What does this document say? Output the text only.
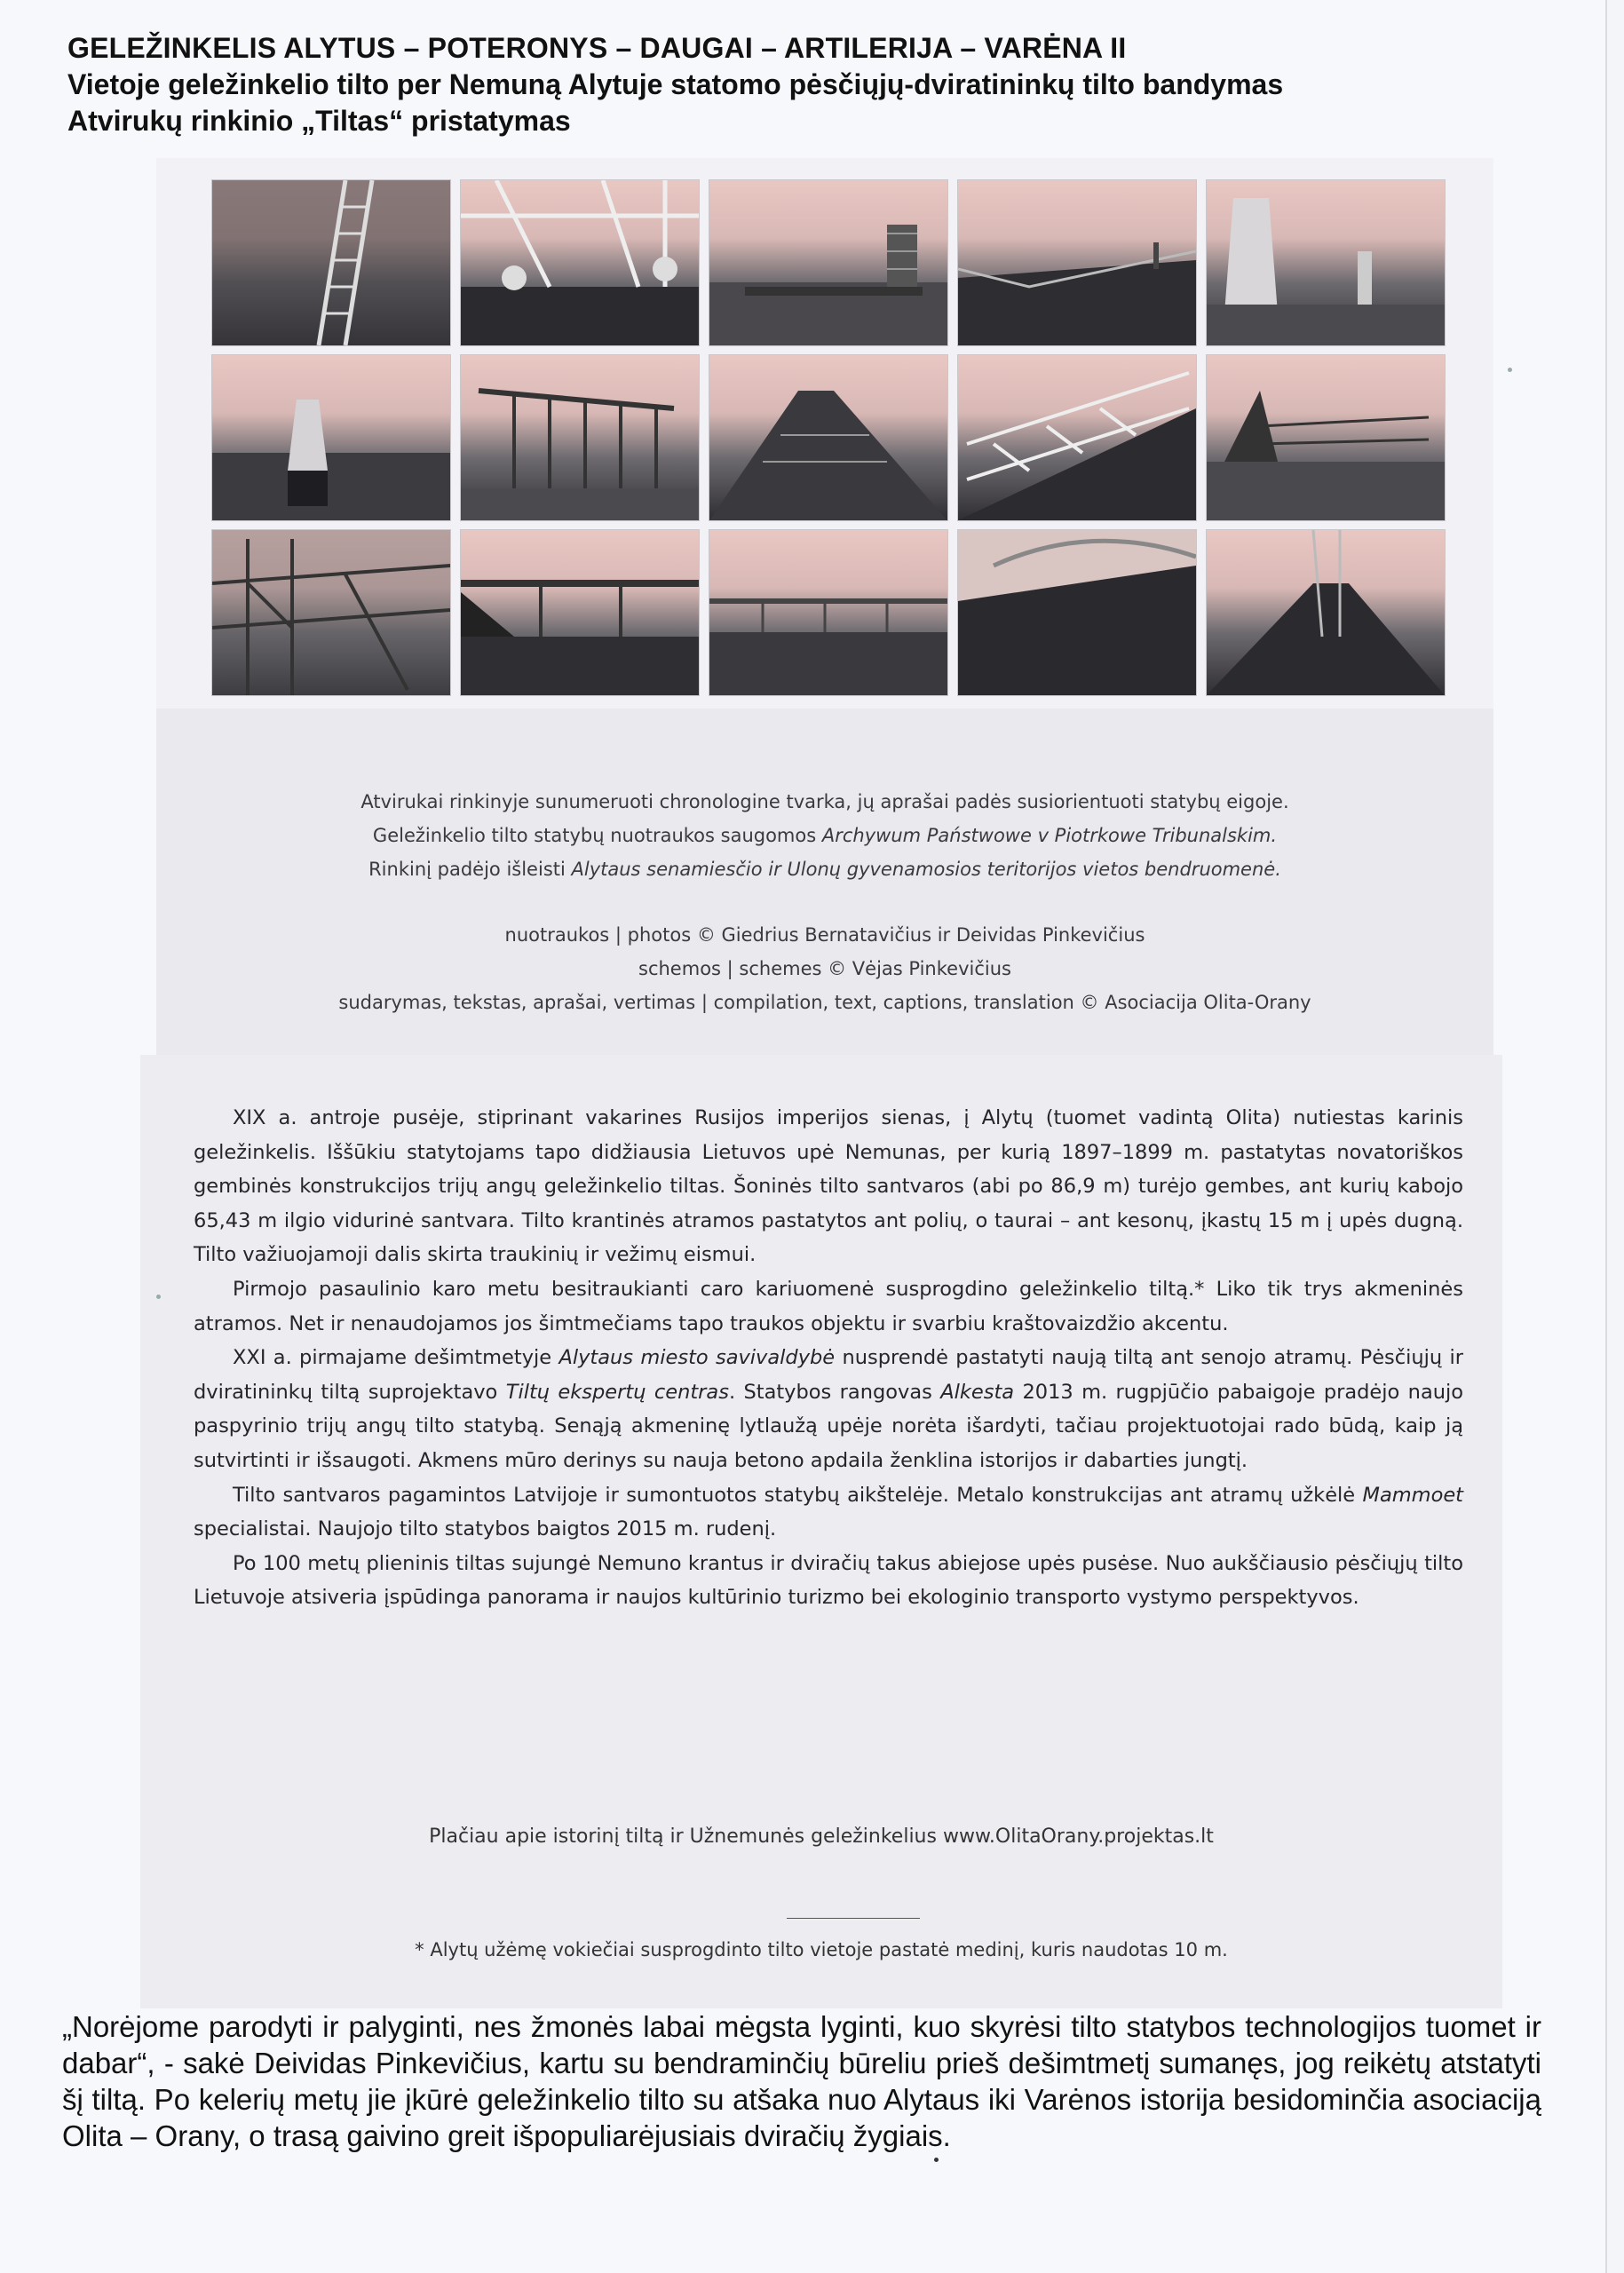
GELEŽINKELIS ALYTUS – POTERONYS – DAUGAI – ARTILERIJA – VARĖNA II
Vietoje geležinkelio tilto per Nemuną Alytuje statomo pėsčiųjų-dviratininkų tilto bandymas
Atvirukų rinkinio „Tiltas“ pristatymas
Atvirukai rinkinyje sunumeruoti chronologine tvarka, jų aprašai padės susiorientuoti statybų eigoje.
Geležinkelio tilto statybų nuotraukos saugomos Archywum Państwowe v Piotrkowe Tribunalskim.
Rinkinį padėjo išleisti Alytaus senamiesčio ir Ulonų gyvenamosios teritorijos vietos bendruomenė.
nuotraukos | photos © Giedrius Bernatavičius ir Deividas Pinkevičius
schemos | schemes © Vėjas Pinkevičius
sudarymas, tekstas, aprašai, vertimas | compilation, text, captions, translation © Asociacija Olita-Orany

XIX a. antroje pusėje, stiprinant vakarines Rusijos imperijos sienas, į Alytų (tuomet vadintą Olita) nutiestas karinis geležinkelis. Iššūkiu statytojams tapo didžiausia Lietuvos upė Nemunas, per kurią 1897–1899 m. pastatytas novatoriškos gembinės konstrukcijos trijų angų geležinkelio tiltas. Šoninės tilto santvaros (abi po 86,9 m) turėjo gembes, ant kurių kabojo 65,43 m ilgio vidurinė santvara. Tilto krantinės atramos pastatytos ant polių, o taurai – ant kesonų, įkastų 15 m į upės dugną. Tilto važiuojamoji dalis skirta traukinių ir vežimų eismui.

Pirmojo pasaulinio karo metu besitraukianti caro kariuomenė susprogdino geležinkelio tiltą.* Liko tik trys akmeninės atramos. Net ir nenaudojamos jos šimtmečiams tapo traukos objektu ir svarbiu kraštovaizdžio akcentu.

XXI a. pirmajame dešimtmetyje Alytaus miesto savivaldybė nusprendė pastatyti naują tiltą ant senojo atramų. Pėsčiųjų ir dviratininkų tiltą suprojektavo Tiltų ekspertų centras. Statybos rangovas Alkesta 2013 m. rugpjūčio pabaigoje pradėjo naujo paspyrinio trijų angų tilto statybą. Senąją akmeninę lytlaužą upėje norėta išardyti, tačiau projektuotojai rado būdą, kaip ją sutvirtinti ir išsaugoti. Akmens mūro derinys su nauja betono apdaila ženklina istorijos ir dabarties jungtį.

Tilto santvaros pagamintos Latvijoje ir sumontuotos statybų aikštelėje. Metalo konstrukcijas ant atramų užkėlė Mammoet specialistai. Naujojo tilto statybos baigtos 2015 m. rudenį.

Po 100 metų plieninis tiltas sujungė Nemuno krantus ir dviračių takus abiejose upės pusėse. Nuo aukščiausio pėsčiųjų tilto Lietuvoje atsiveria įspūdinga panorama ir naujos kultūrinio turizmo bei ekologinio transporto vystymo perspektyvos.

Plačiau apie istorinį tiltą ir Užnemunės geležinkelius www.OlitaOrany.projektas.lt
* Alytų užėmę vokiečiai susprogdinto tilto vietoje pastatė medinį, kuris naudotas 10 m.
„Norėjome parodyti ir palyginti, nes žmonės labai mėgsta lyginti, kuo skyrėsi tilto statybos technologijos tuomet ir dabar“, - sakė Deividas Pinkevičius, kartu su bendraminčių būreliu prieš dešimtmetį sumanęs, jog reikėtų atstatyti šį tiltą. Po kelerių metų jie įkūrė geležinkelio tilto su atšaka nuo Alytaus iki Varėnos istorija besidominčia asociaciją Olita – Orany, o trasą gaivino greit išpopuliarėjusiais dviračių žygiais.
